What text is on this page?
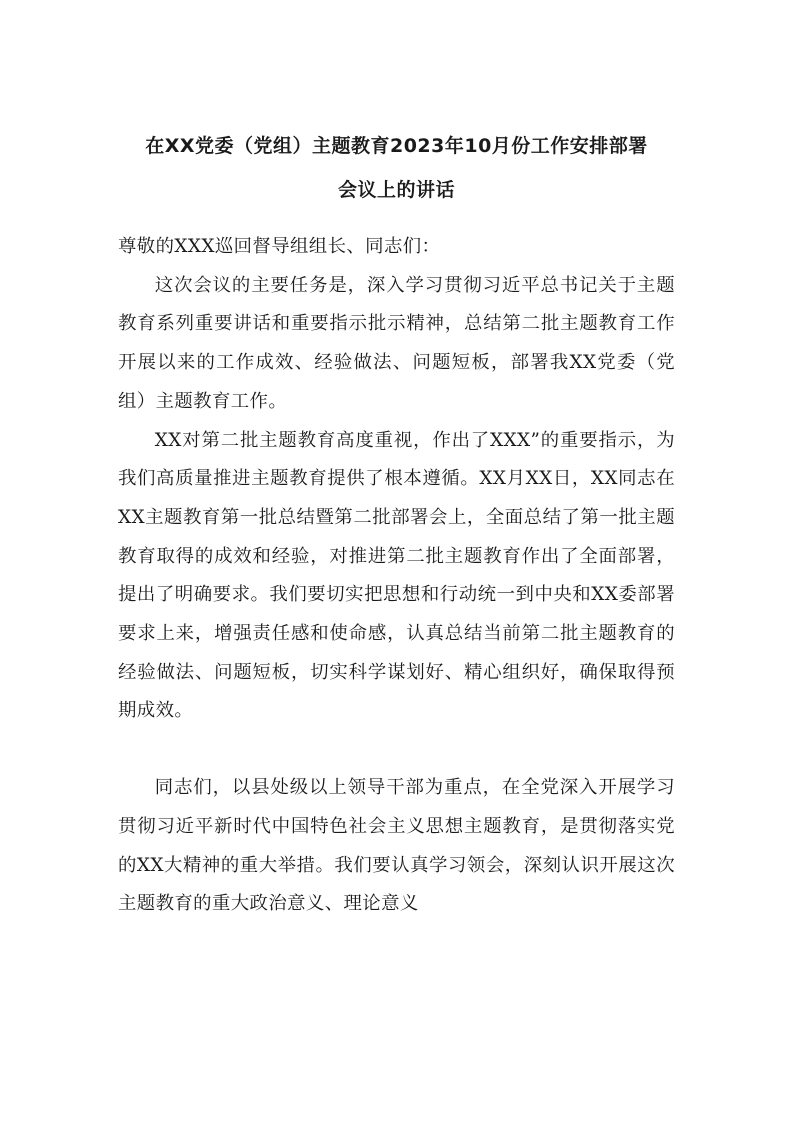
在XX党委（党组）主题教育2023年10月份工作安排部署
会议上的讲话

尊敬的XXX巡回督导组组长、同志们：

这次会议的主要任务是，深入学习贯彻习近平总书记关于主题教育系列重要讲话和重要指示批示精神，总结第二批主题教育工作开展以来的工作成效、经验做法、问题短板，部署我XX党委（党组）主题教育工作。

XX对第二批主题教育高度重视，作出了XXX”的重要指示，为我们高质量推进主题教育提供了根本遵循。XX月XX日，XX同志在XX主题教育第一批总结暨第二批部署会上，全面总结了第一批主题教育取得的成效和经验，对推进第二批主题教育作出了全面部署，提出了明确要求。我们要切实把思想和行动统一到中央和XX委部署要求上来，增强责任感和使命感，认真总结当前第二批主题教育的经验做法、问题短板，切实科学谋划好、精心组织好，确保取得预期成效。

同志们，以县处级以上领导干部为重点，在全党深入开展学习贯彻习近平新时代中国特色社会主义思想主题教育，是贯彻落实党的XX大精神的重大举措。我们要认真学习领会，深刻认识开展这次主题教育的重大政治意义、理论意义
